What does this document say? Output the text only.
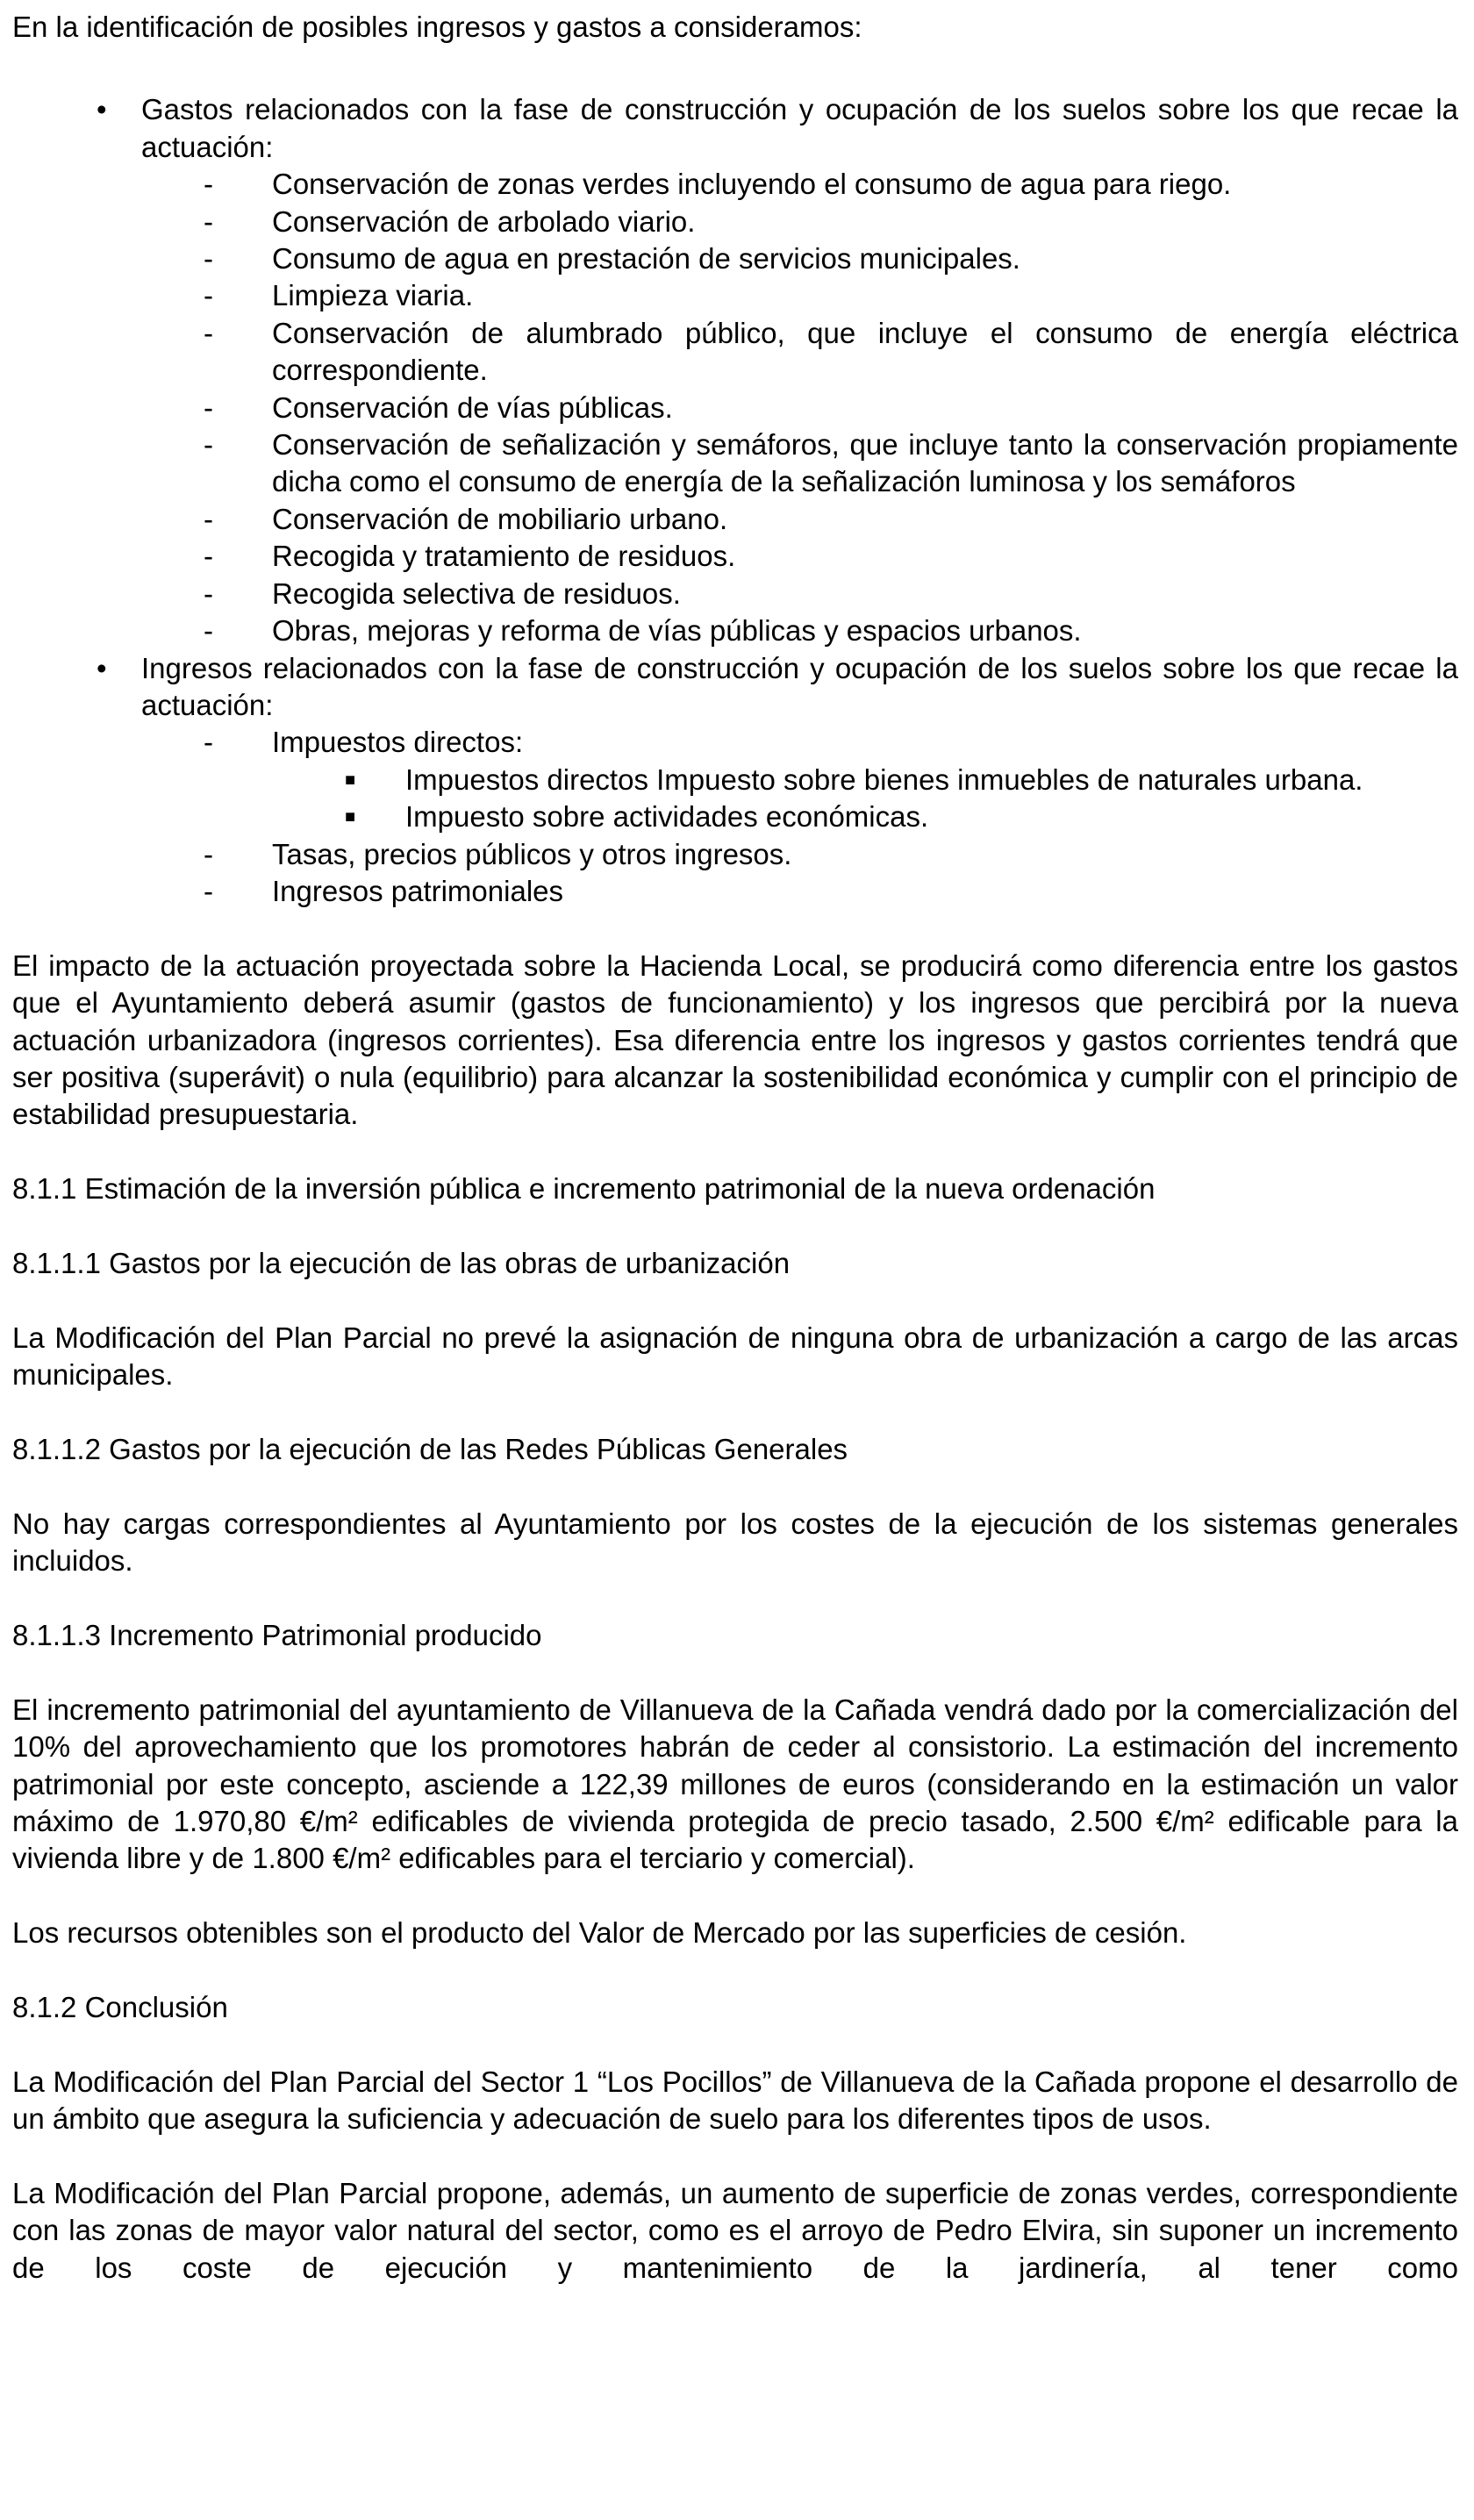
En la identificación de posibles ingresos y gastos a consideramos:

• Gastos relacionados con la fase de construcción y ocupación de los suelos sobre los que recae la actuación:
- Conservación de zonas verdes incluyendo el consumo de agua para riego.
- Conservación de arbolado viario.
- Consumo de agua en prestación de servicios municipales.
- Limpieza viaria.
- Conservación de alumbrado público, que incluye el consumo de energía eléctrica correspondiente.
- Conservación de vías públicas.
- Conservación de señalización y semáforos, que incluye tanto la conservación propiamente dicha como el consumo de energía de la señalización luminosa y los semáforos
- Conservación de mobiliario urbano.
- Recogida y tratamiento de residuos.
- Recogida selectiva de residuos.
- Obras, mejoras y reforma de vías públicas y espacios urbanos.
• Ingresos relacionados con la fase de construcción y ocupación de los suelos sobre los que recae la actuación:
- Impuestos directos:
■ Impuestos directos Impuesto sobre bienes inmuebles de naturales urbana.
■ Impuesto sobre actividades económicas.
- Tasas, precios públicos y otros ingresos.
- Ingresos patrimoniales

El impacto de la actuación proyectada sobre la Hacienda Local, se producirá como diferencia entre los gastos que el Ayuntamiento deberá asumir (gastos de funcionamiento) y los ingresos que percibirá por la nueva actuación urbanizadora (ingresos corrientes). Esa diferencia entre los ingresos y gastos corrientes tendrá que ser positiva (superávit) o nula (equilibrio) para alcanzar la sostenibilidad económica y cumplir con el principio de estabilidad presupuestaria.

8.1.1 Estimación de la inversión pública e incremento patrimonial de la nueva ordenación

8.1.1.1 Gastos por la ejecución de las obras de urbanización

La Modificación del Plan Parcial no prevé la asignación de ninguna obra de urbanización a cargo de las arcas municipales.

8.1.1.2 Gastos por la ejecución de las Redes Públicas Generales

No hay cargas correspondientes al Ayuntamiento por los costes de la ejecución de los sistemas generales incluidos.

8.1.1.3 Incremento Patrimonial producido

El incremento patrimonial del ayuntamiento de Villanueva de la Cañada vendrá dado por la comercialización del 10% del aprovechamiento que los promotores habrán de ceder al consistorio. La estimación del incremento patrimonial por este concepto, asciende a 122,39 millones de euros (considerando en la estimación un valor máximo de 1.970,80 €/m² edificables de vivienda protegida de precio tasado, 2.500 €/m² edificable para la vivienda libre y de 1.800 €/m² edificables para el terciario y comercial).

Los recursos obtenibles son el producto del Valor de Mercado por las superficies de cesión.

8.1.2 Conclusión

La Modificación del Plan Parcial del Sector 1 “Los Pocillos” de Villanueva de la Cañada propone el desarrollo de un ámbito que asegura la suficiencia y adecuación de suelo para los diferentes tipos de usos.

La Modificación del Plan Parcial propone, además, un aumento de superficie de zonas verdes, correspondiente con las zonas de mayor valor natural del sector, como es el arroyo de Pedro Elvira, sin suponer un incremento de los coste de ejecución y mantenimiento de la jardinería, al tener como
